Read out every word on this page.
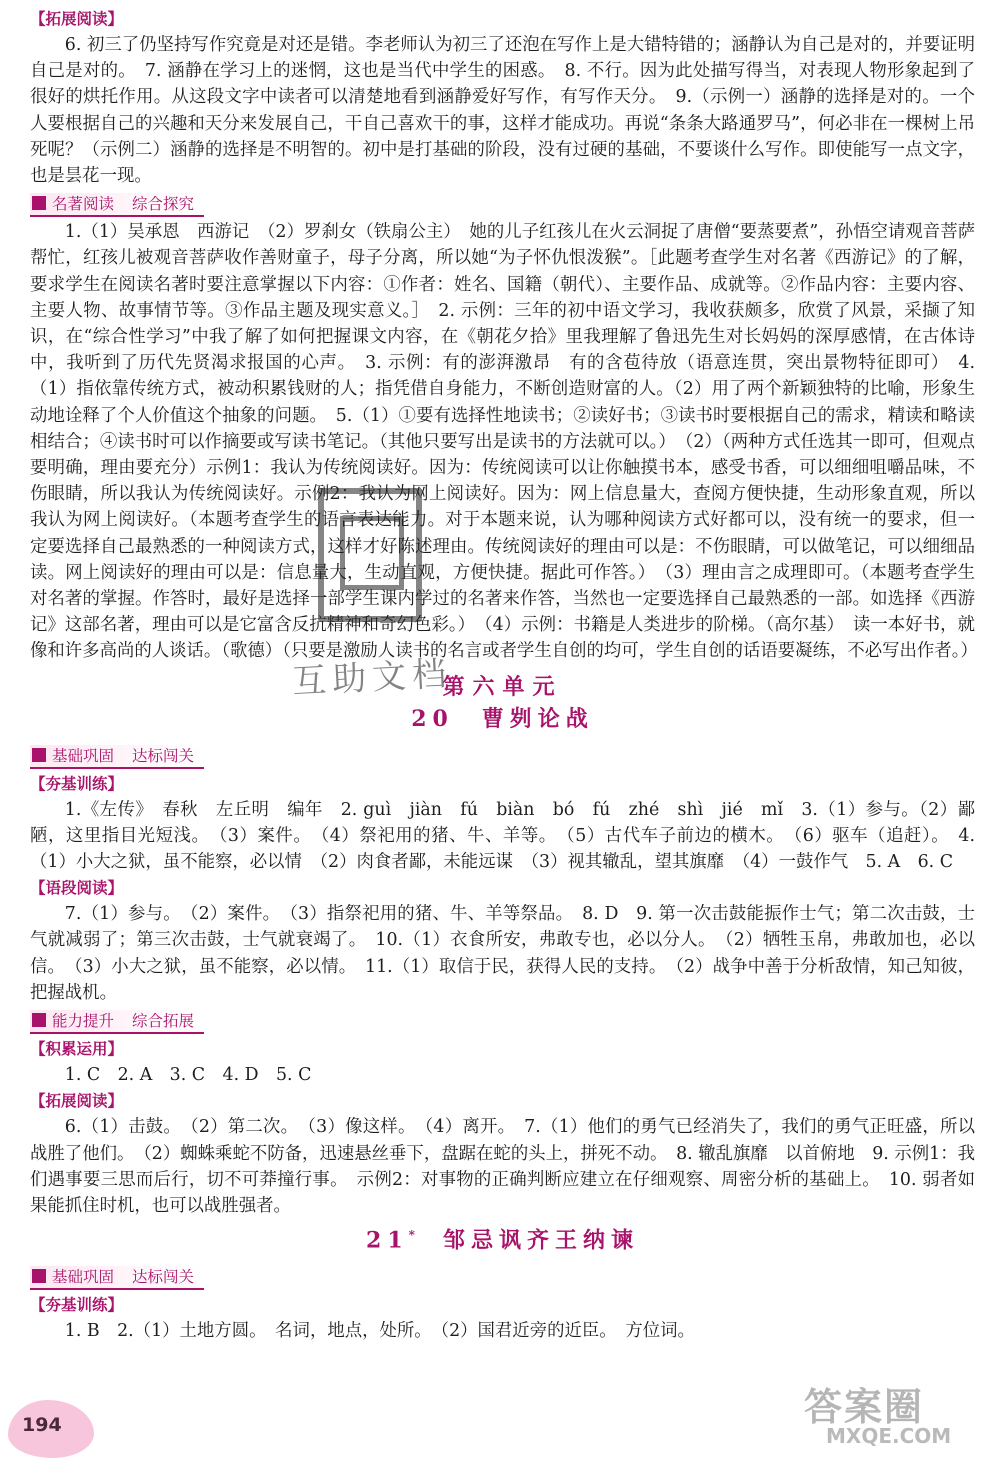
【拓展阅读】

6. 初三了仍坚持写作究竟是对还是错。李老师认为初三了还泡在写作上是大错特错的；涵静认为自己是对的，并要证明自己是对的。　7. 涵静在学习上的迷惘，这也是当代中学生的困惑。　8. 不行。因为此处描写得当，对表现人物形象起到了很好的烘托作用。从这段文字中读者可以清楚地看到涵静爱好写作，有写作天分。　9.（示例一）涵静的选择是对的。一个人要根据自己的兴趣和天分来发展自己，干自己喜欢干的事，这样才能成功。再说“条条大路通罗马”，何必非在一棵树上吊死呢？（示例二）涵静的选择是不明智的。初中是打基础的阶段，没有过硬的基础，不要谈什么写作。即使能写一点文字，也是昙花一现。

名著阅读 综合探究

1.（1）吴承恩　西游记　（2）罗刹女（铁扇公主）　她的儿子红孩儿在火云洞捉了唐僧“要蒸要煮”，孙悟空请观音菩萨帮忙，红孩儿被观音菩萨收作善财童子，母子分离，所以她“为子怀仇恨泼猴”。［此题考查学生对名著《西游记》的了解，要求学生在阅读名著时要注意掌握以下内容：①作者：姓名、国籍（朝代）、主要作品、成就等。②作品内容：主要内容、主要人物、故事情节等。③作品主题及现实意义。］　2. 示例：三年的初中语文学习，我收获颇多，欣赏了风景，采撷了知识，在“综合性学习”中我了解了如何把握课文内容，在《朝花夕拾》里我理解了鲁迅先生对长妈妈的深厚感情，在古体诗中，我听到了历代先贤渴求报国的心声。　3. 示例：有的澎湃激昂　有的含苞待放（语意连贯，突出景物特征即可）　4.（1）指依靠传统方式，被动积累钱财的人；指凭借自身能力，不断创造财富的人。（2）用了两个新颖独特的比喻，形象生动地诠释了个人价值这个抽象的问题。　5.（1）①要有选择性地读书；②读好书；③读书时要根据自己的需求，精读和略读相结合；④读书时可以作摘要或写读书笔记。（其他只要写出是读书的方法就可以。）　（2）（两种方式任选其一即可，但观点要明确，理由要充分）示例1：我认为传统阅读好。因为：传统阅读可以让你触摸书本，感受书香，可以细细咀嚼品味，不伤眼睛，所以我认为传统阅读好。示例2：我认为网上阅读好。因为：网上信息量大，查阅方便快捷，生动形象直观，所以我认为网上阅读好。（本题考查学生的语言表达能力。对于本题来说，认为哪种阅读方式好都可以，没有统一的要求，但一定要选择自己最熟悉的一种阅读方式，这样才好陈述理由。传统阅读好的理由可以是：不伤眼睛，可以做笔记，可以细细品读。网上阅读好的理由可以是：信息量大，生动直观，方便快捷。据此可作答。）　（3）理由言之成理即可。（本题考查学生对名著的掌握。作答时，最好是选择一部学生课内学过的名著来作答，当然也一定要选择自己最熟悉的一部。如选择《西游记》这部名著，理由可以是它富含反抗精神和奇幻色彩。）　（4）示例：书籍是人类进步的阶梯。（高尔基）　读一本好书，就像和许多高尚的人谈话。（歌德）（只要是激励人读书的名言或者学生自创的均可，学生自创的话语要凝练，不必写出作者。）

第六单元
20　曹刿论战
基础巩固 达标闯关
【夯基训练】

1.《左传》　春秋　左丘明　编年　2. guì　jiàn　fú　biàn　bó　fú　zhé　shì　jié　mǐ　3.（1）参与。（2）鄙陋，这里指目光短浅。　（3）案件。　（4）祭祀用的猪、牛、羊等。　（5）古代车子前边的横木。　（6）驱车（追赶）。　4.（1）小大之狱，虽不能察，必以情　（2）肉食者鄙，未能远谋　（3）视其辙乱，望其旗靡　（4）一鼓作气　5. A　6. C

【语段阅读】

7.（1）参与。　（2）案件。　（3）指祭祀用的猪、牛、羊等祭品。　8. D　9. 第一次击鼓能振作士气；第二次击鼓，士气就减弱了；第三次击鼓，士气就衰竭了。　10.（1）衣食所安，弗敢专也，必以分人。　（2）牺牲玉帛，弗敢加也，必以信。　（3）小大之狱，虽不能察，必以情。　11.（1）取信于民，获得人民的支持。　（2）战争中善于分析敌情，知己知彼，把握战机。

能力提升 综合拓展
【积累运用】

1. C　2. A　3. C　4. D　5. C

【拓展阅读】

6.（1）击鼓。　（2）第二次。　（3）像这样。　（4）离开。　7.（1）他们的勇气已经消失了，我们的勇气正旺盛，所以战胜了他们。　（2）蜘蛛乘蛇不防备，迅速悬丝垂下，盘踞在蛇的头上，拼死不动。　8. 辙乱旗靡　以首俯地　9. 示例1：我们遇事要三思而后行，切不可莽撞行事。　示例2：对事物的正确判断应建立在仔细观察、周密分析的基础上。　10. 弱者如果能抓住时机，也可以战胜强者。

21*　 邹忌讽齐王纳谏
基础巩固 达标闯关
【夯基训练】

1. B　2.（1）土地方圆。　名词，地点，处所。　（2）国君近旁的近臣。　方位词。

互助文档
194	答案圈
MXQE.COM
